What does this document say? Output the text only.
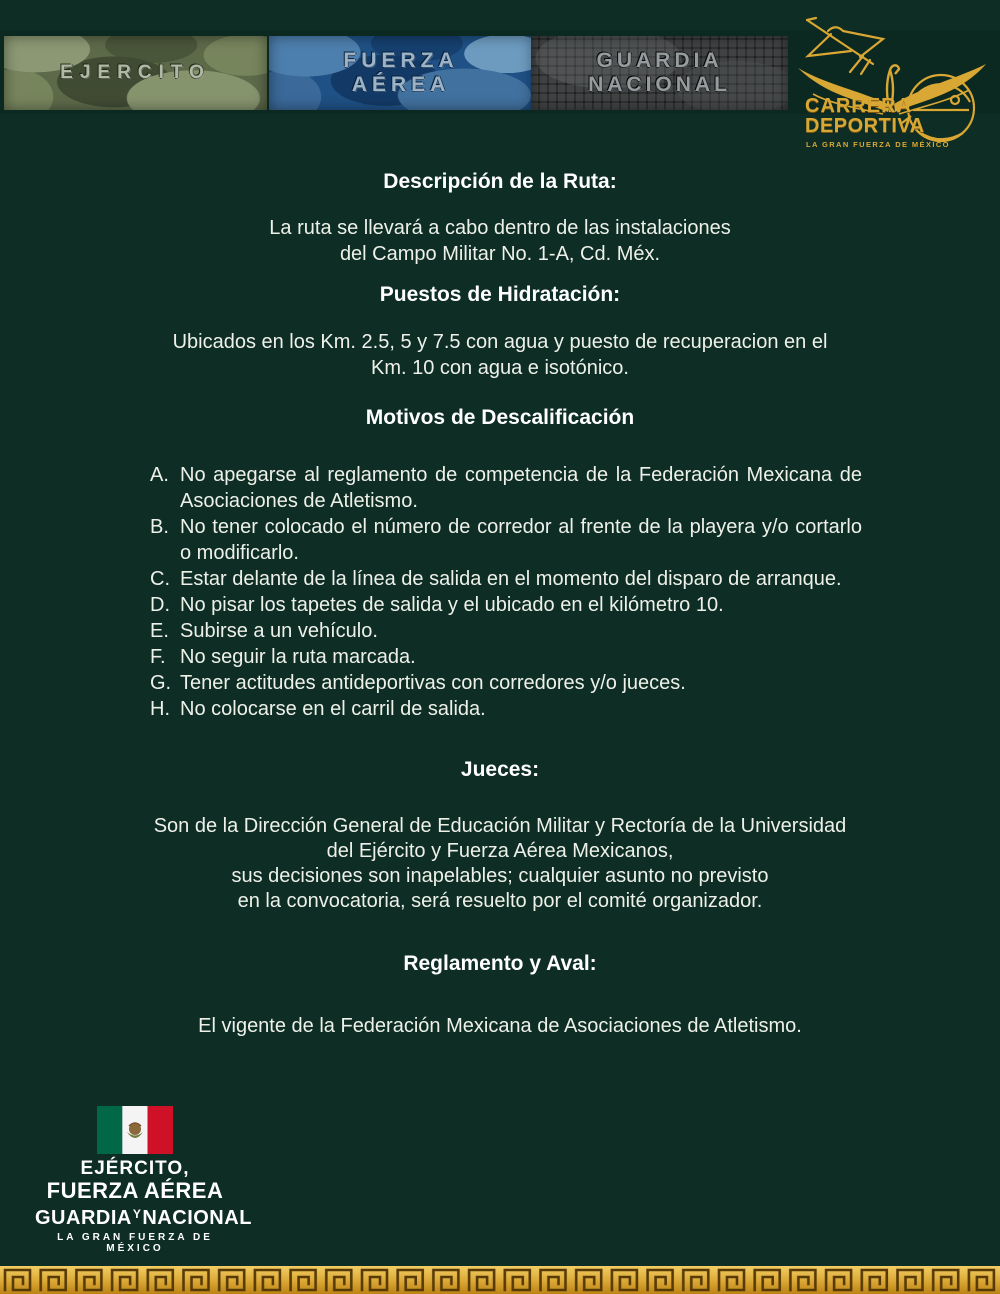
EJERCITO
FUERZA
AÉREA
GUARDIA
NACIONAL
CARRERA
DEPORTIVA
LA GRAN FUERZA DE MÉXICO
Descripción de la Ruta:
La ruta se llevará a cabo dentro de las instalaciones
del Campo Militar No. 1-A, Cd. Méx.
Puestos de Hidratación:
Ubicados en los Km. 2.5, 5 y 7.5 con agua y puesto de recuperacion en el
Km. 10 con agua e isotónico.
Motivos de Descalificación
A. No apegarse al reglamento de competencia de la Federación Mexicana de Asociaciones de Atletismo.
B. No tener colocado el número de corredor al frente de la playera y/o cortarlo o modificarlo.
C. Estar delante de la línea de salida en el momento del disparo de arranque.
D. No pisar los tapetes de salida y el ubicado en el kilómetro 10.
E. Subirse a un vehículo.
F. No seguir la ruta marcada.
G. Tener actitudes antideportivas con corredores y/o jueces.
H. No colocarse en el carril de salida.
Jueces:
Son de la Dirección General de Educación Militar y Rectoría de la Universidad
del Ejército y Fuerza Aérea Mexicanos,
sus decisiones son inapelables; cualquier asunto no previsto
en la convocatoria, será resuelto por el comité organizador.
Reglamento y Aval:
El vigente de la Federación Mexicana de Asociaciones de Atletismo.
EJÉRCITO,
FUERZA AÉREA
$GUARDIA^YNACIONAL$
LA GRAN FUERZA DE MÉXICO
